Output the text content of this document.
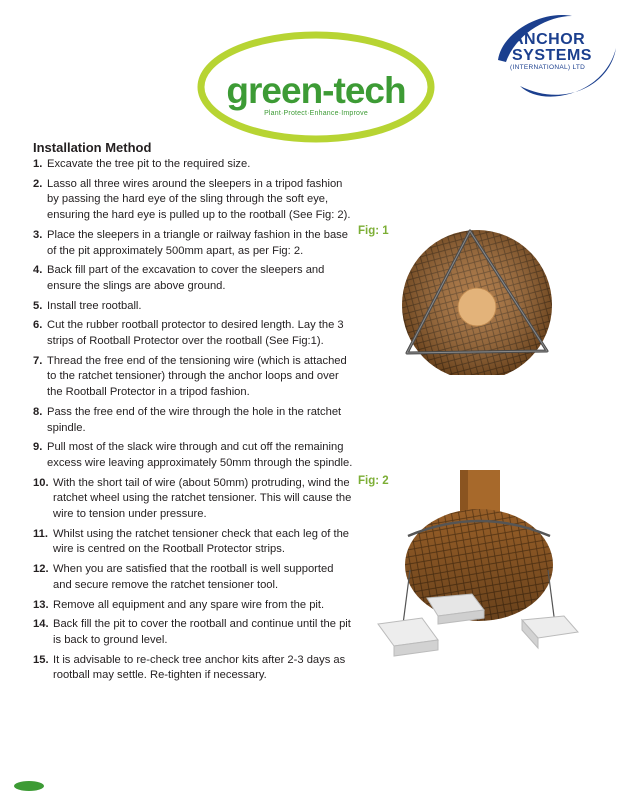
green-tech
Plant·Protect·Enhance·Improve
ANCHOR
SYSTEMS
(INTERNATIONAL) LTD
Installation Method
1. Excavate the tree pit to the required size.
2. Lasso all three wires around the sleepers in a tripod fashion by passing the hard eye of the sling through the soft eye, ensuring the hard eye is pulled up to the rootball (See Fig: 2).
3. Place the sleepers in a triangle or railway fashion in the base of the pit approximately 500mm apart, as per Fig: 2.
4. Back fill part of the excavation to cover the sleepers and ensure the slings are above ground.
5. Install tree rootball.
6. Cut the rubber rootball protector to desired length. Lay the 3 strips of Rootball Protector over the rootball (See Fig:1).
7. Thread the free end of the tensioning wire (which is attached to the ratchet tensioner) through the anchor loops and over the Rootball Protector in a tripod fashion.
8. Pass the free end of the wire through the hole in the ratchet spindle.
9. Pull most of the slack wire through and cut off the remaining excess wire leaving approximately 50mm through the spindle.
10. With the short tail of wire (about 50mm) protruding, wind the ratchet wheel using the ratchet tensioner. This will cause the wire to tension under pressure.
11. Whilst using the ratchet tensioner check that each leg of the wire is centred on the Rootball Protector strips.
12. When you are satisfied that the rootball is well supported and secure remove the ratchet tensioner tool.
13. Remove all equipment and any spare wire from the pit.
14. Back fill the pit to cover the rootball and continue until the pit is back to ground level.
15. It is advisable to re-check tree anchor kits after 2-3 days as rootball may settle. Re-tighten if necessary.
Fig: 1
Fig: 2
